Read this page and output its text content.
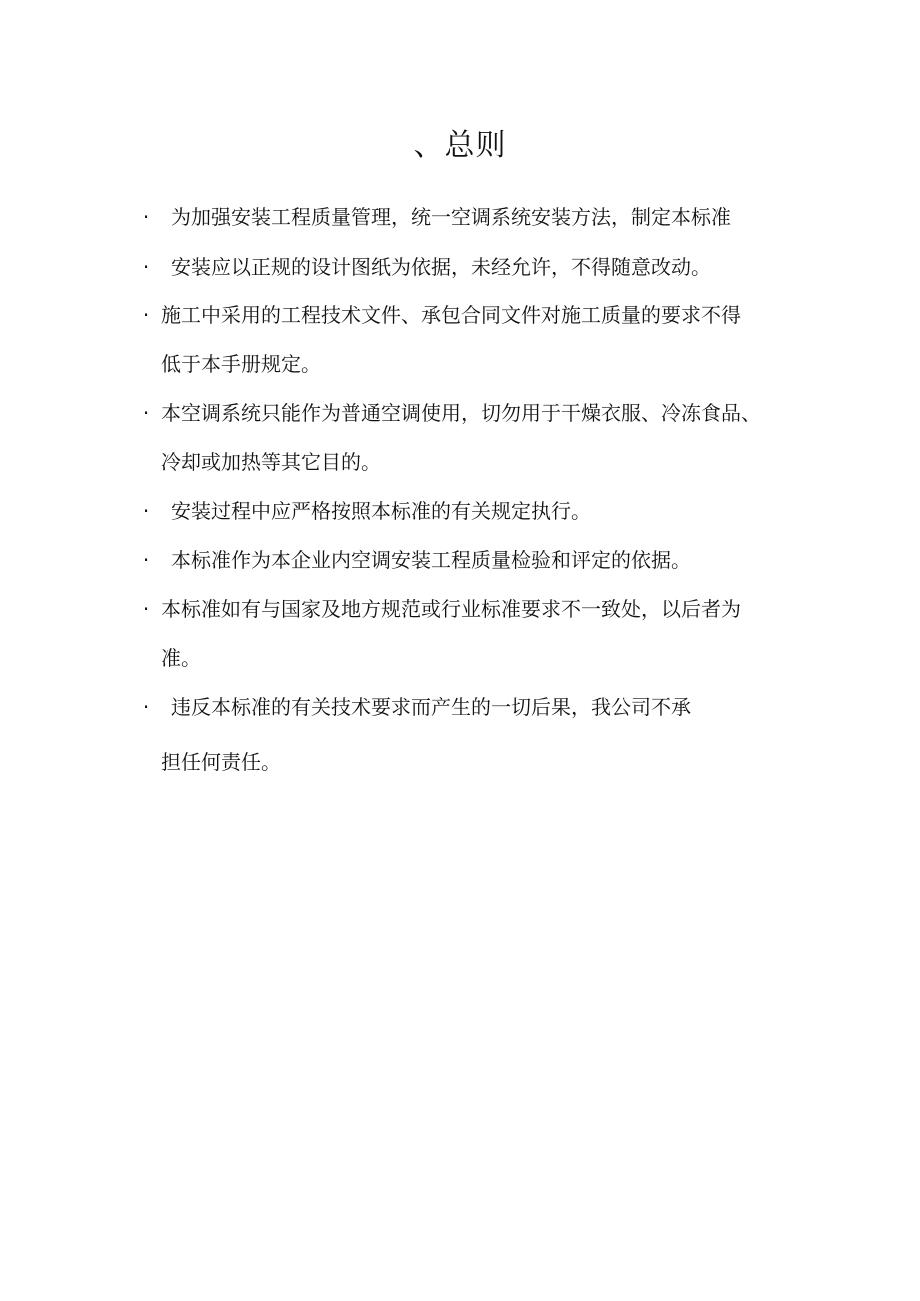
、总则
· 为加强安装工程质量管理，统一空调系统安装方法，制定本标准
· 安装应以正规的设计图纸为依据，未经允许，不得随意改动。
· 施工中采用的工程技术文件、承包合同文件对施工质量的要求不得
低于本手册规定。
· 本空调系统只能作为普通空调使用，切勿用于干燥衣服、冷冻食品、
冷却或加热等其它目的。
· 安装过程中应严格按照本标准的有关规定执行。
· 本标准作为本企业内空调安装工程质量检验和评定的依据。
· 本标准如有与国家及地方规范或行业标准要求不一致处，以后者为
准。
· 违反本标准的有关技术要求而产生的一切后果，我公司不承
担任何责任。
